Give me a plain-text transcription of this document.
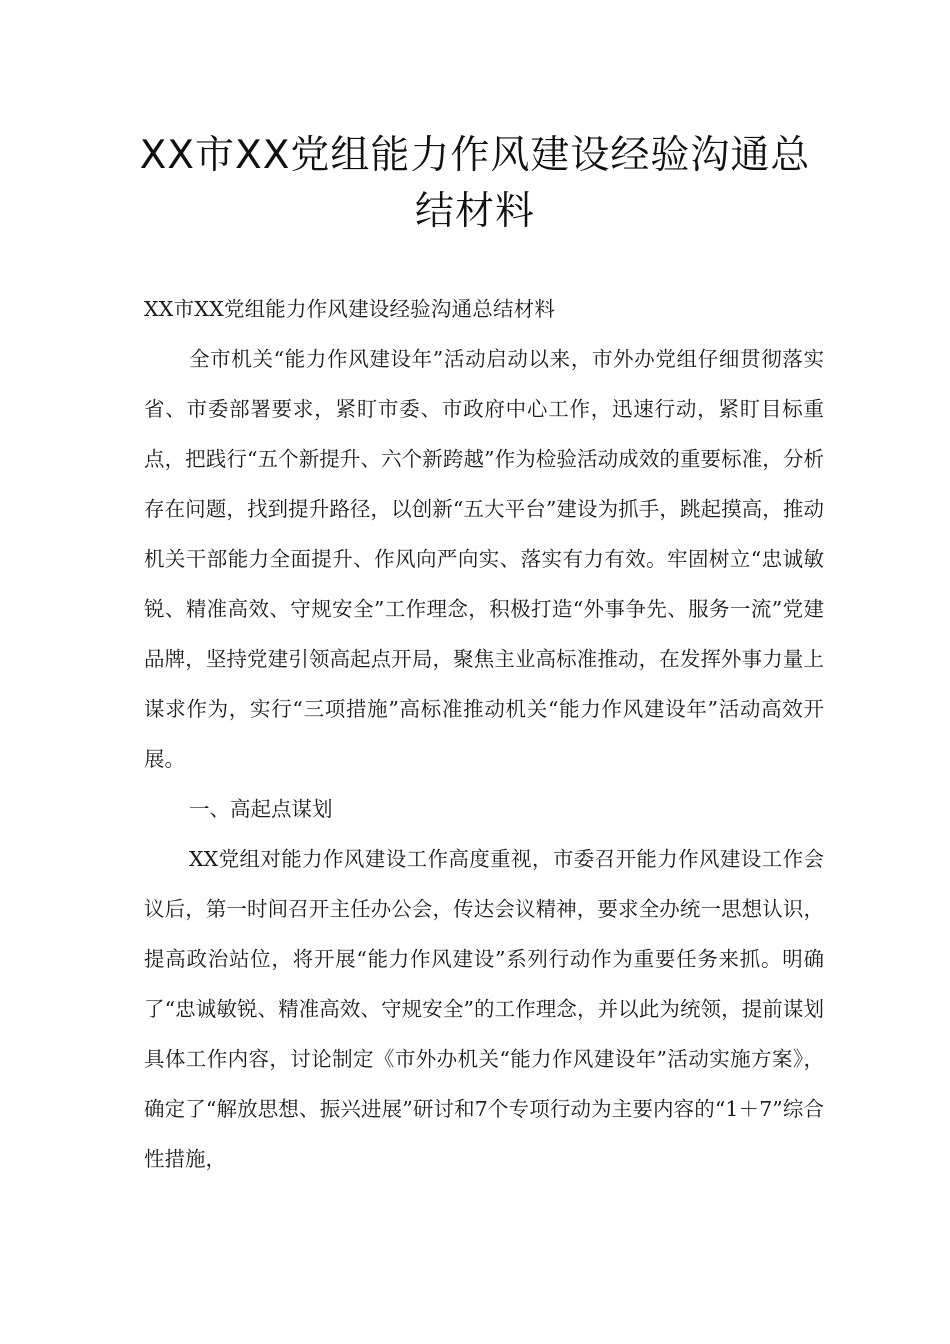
XX市XX党组能力作风建设经验沟通总
结材料

XX市XX党组能力作风建设经验沟通总结材料

全市机关“能力作风建设年”活动启动以来，市外办党组仔细贯彻落实省、市委部署要求，紧盯市委、市政府中心工作，迅速行动，紧盯目标重点，把践行“五个新提升、六个新跨越”作为检验活动成效的重要标准，分析存在问题，找到提升路径，以创新“五大平台”建设为抓手，跳起摸高，推动机关干部能力全面提升、作风向严向实、落实有力有效。牢固树立“忠诚敏锐、精准高效、守规安全”工作理念，积极打造“外事争先、服务一流”党建品牌，坚持党建引领高起点开局，聚焦主业高标准推动，在发挥外事力量上谋求作为，实行“三项措施”高标准推动机关“能力作风建设年”活动高效开展。

一、高起点谋划

XX党组对能力作风建设工作高度重视，市委召开能力作风建设工作会议后，第一时间召开主任办公会，传达会议精神，要求全办统一思想认识，提高政治站位，将开展“能力作风建设”系列行动作为重要任务来抓。明确了“忠诚敏锐、精准高效、守规安全”的工作理念，并以此为统领，提前谋划具体工作内容，讨论制定《市外办机关“能力作风建设年”活动实施方案》，确定了“解放思想、振兴进展”研讨和7个专项行动为主要内容的“1＋7”综合性措施，
